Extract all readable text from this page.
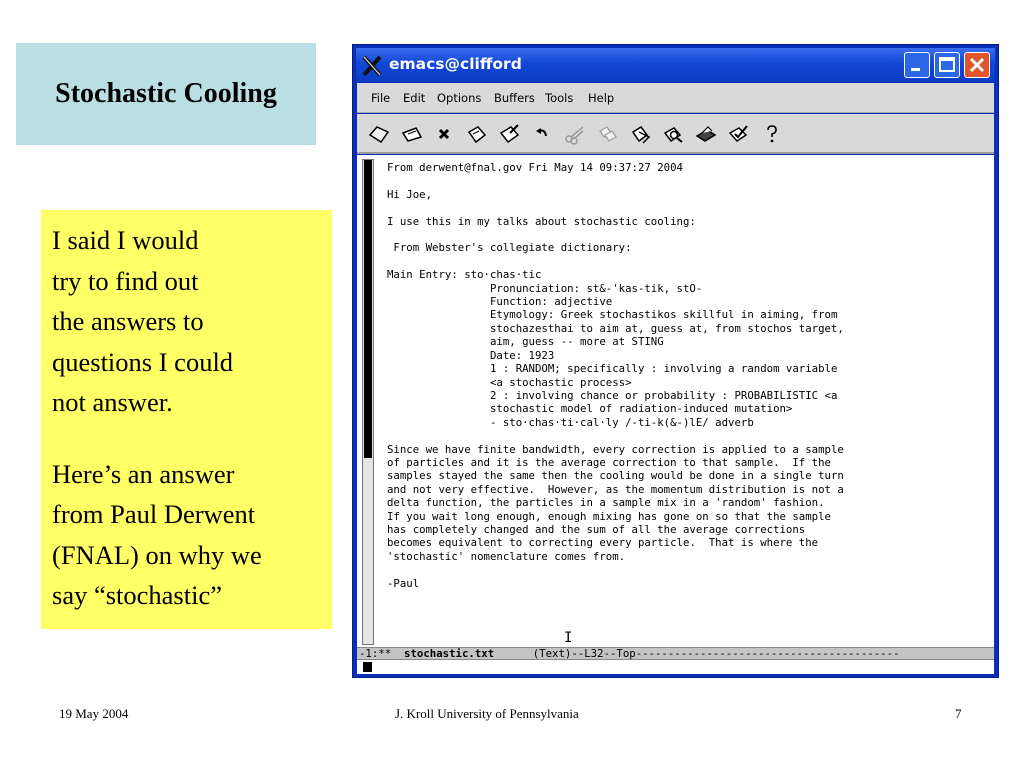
Stochastic Cooling

I said I would
try to find out
the answers to
questions I could
not answer.

Here’s an answer
from Paul Derwent
(FNAL) on why we
say “stochastic”

emacs@clifford
File Edit Options Buffers Tools Help
From derwent@fnal.gov Fri May 14 09:37:27 2004

Hi Joe,

I use this in my talks about stochastic cooling:

From Webster's collegiate dictionary:

Main Entry: sto·chas·tic
Pronunciation: st&-'kas-tik, stO-
Function: adjective
Etymology: Greek stochastikos skillful in aiming, from
stochazesthai to aim at, guess at, from stochos target,
aim, guess -- more at STING
Date: 1923
1 : RANDOM; specifically : involving a random variable
<a stochastic process>
2 : involving chance or probability : PROBABILISTIC <a
stochastic model of radiation-induced mutation>
- sto·chas·ti·cal·ly /-ti-k(&-)lE/ adverb

Since we have finite bandwidth, every correction is applied to a sample
of particles and it is the average correction to that sample.  If the
samples stayed the same then the cooling would be done in a single turn
and not very effective.  However, as the momentum distribution is not a
delta function, the particles in a sample mix in a 'random' fashion.
If you wait long enough, enough mixing has gone on so that the sample
has completely changed and the sum of all the average corrections
becomes equivalent to correcting every particle.  That is where the
'stochastic' nomenclature comes from.

-Paul
I
-1:**  stochastic.txt      (Text)--L32--Top-----------------------------------------
19 May 2004	J. Kroll University of Pennsylvania	7
